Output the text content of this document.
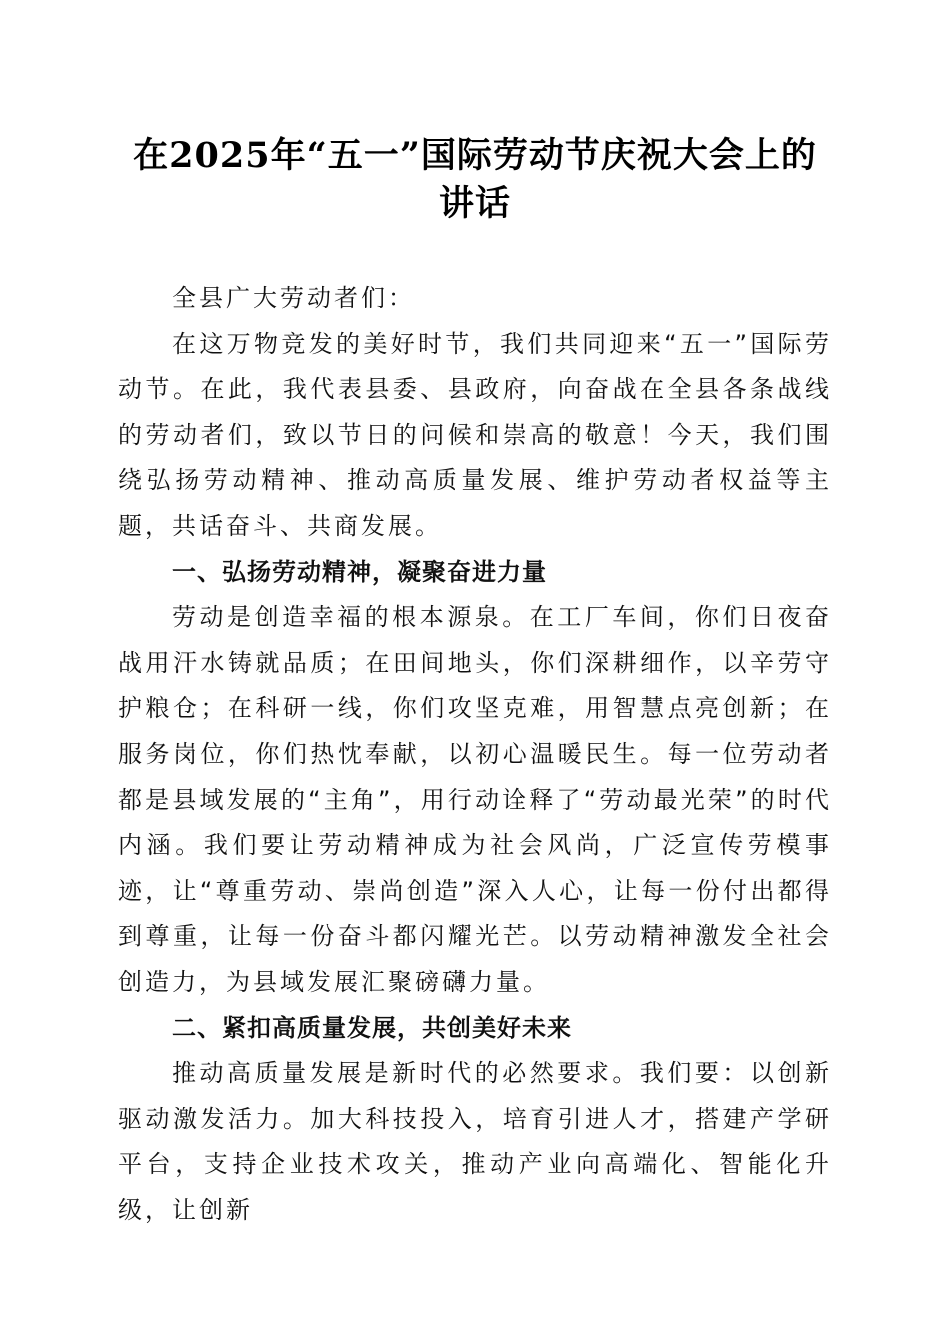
在2025年“五一”国际劳动节庆祝大会上的
讲话

全县广大劳动者们：

在这万物竞发的美好时节，我们共同迎来“五一”国际劳动节。在此，我代表县委、县政府，向奋战在全县各条战线的劳动者们，致以节日的问候和崇高的敬意！今天，我们围绕弘扬劳动精神、推动高质量发展、维护劳动者权益等主题，共话奋斗、共商发展。

一、弘扬劳动精神，凝聚奋进力量

劳动是创造幸福的根本源泉。在工厂车间，你们日夜奋战用汗水铸就品质；在田间地头，你们深耕细作，以辛劳守护粮仓；在科研一线，你们攻坚克难，用智慧点亮创新；在服务岗位，你们热忱奉献，以初心温暖民生。每一位劳动者都是县域发展的“主角”，用行动诠释了“劳动最光荣”的时代内涵。我们要让劳动精神成为社会风尚，广泛宣传劳模事迹，让“尊重劳动、崇尚创造”深入人心，让每一份付出都得到尊重，让每一份奋斗都闪耀光芒。以劳动精神激发全社会创造力，为县域发展汇聚磅礴力量。

二、紧扣高质量发展，共创美好未来

推动高质量发展是新时代的必然要求。我们要：以创新驱动激发活力。加大科技投入，培育引进人才，搭建产学研平台，支持企业技术攻关，推动产业向高端化、智能化升级，让创新
